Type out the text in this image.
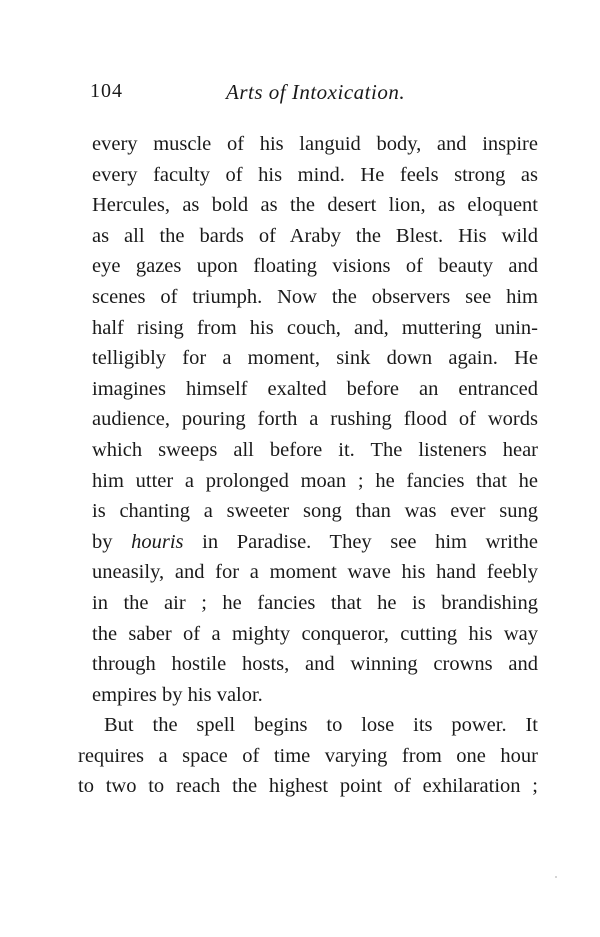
104	Arts of Intoxication.
every muscle of his languid body, and inspire
every faculty of his mind. He feels strong as
Hercules, as bold as the desert lion, as eloquent
as all the bards of Araby the Blest. His wild
eye gazes upon floating visions of beauty and
scenes of triumph. Now the observers see him
half rising from his couch, and, muttering unin-
telligibly for a moment, sink down again. He
imagines himself exalted before an entranced
audience, pouring forth a rushing flood of words
which sweeps all before it. The listeners hear
him utter a prolonged moan ; he fancies that he
is chanting a sweeter song than was ever sung
by houris in Paradise. They see him writhe
uneasily, and for a moment wave his hand feebly
in the air ; he fancies that he is brandishing
the saber of a mighty conqueror, cutting his way
through hostile hosts, and winning crowns and
empires by his valor.
But the spell begins to lose its power. It
requires a space of time varying from one hour
to two to reach the highest point of exhilaration ;
